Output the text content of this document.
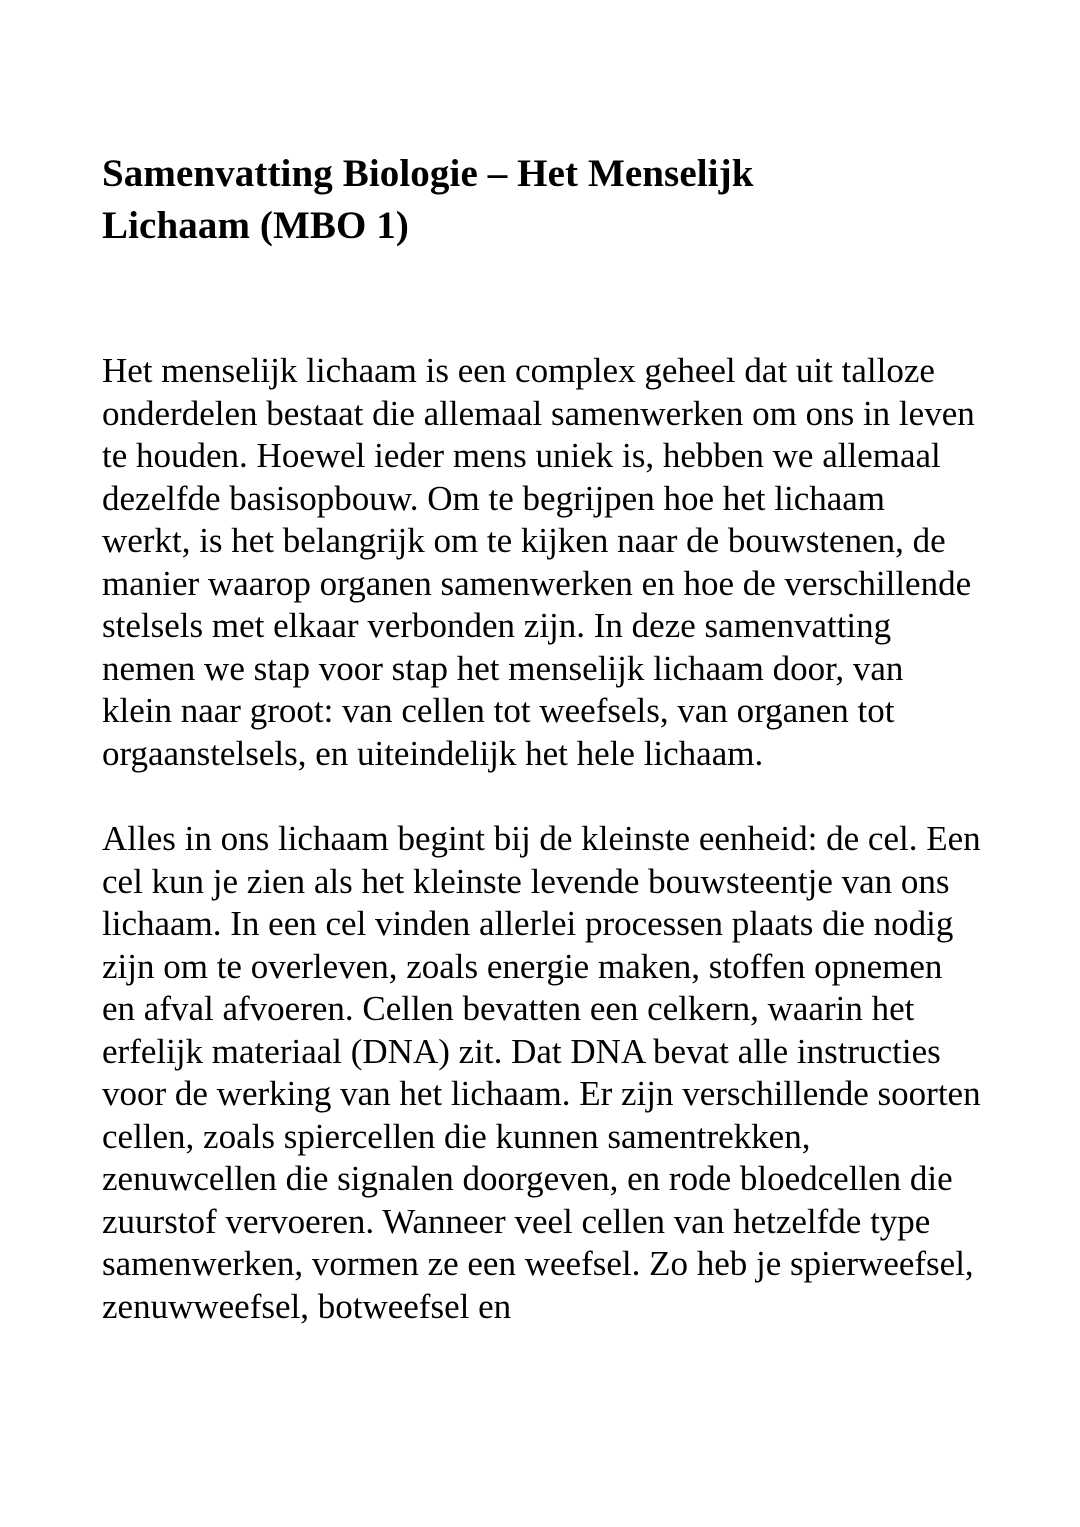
Samenvatting Biologie – Het Menselijk Lichaam (MBO 1)

Het menselijk lichaam is een complex geheel dat uit talloze onderdelen bestaat die allemaal samenwerken om ons in leven te houden. Hoewel ieder mens uniek is, hebben we allemaal dezelfde basisopbouw. Om te begrijpen hoe het lichaam werkt, is het belangrijk om te kijken naar de bouwstenen, de manier waarop organen samenwerken en hoe de verschillende stelsels met elkaar verbonden zijn. In deze samenvatting nemen we stap voor stap het menselijk lichaam door, van klein naar groot: van cellen tot weefsels, van organen tot orgaanstelsels, en uiteindelijk het hele lichaam.

Alles in ons lichaam begint bij de kleinste eenheid: de cel. Een cel kun je zien als het kleinste levende bouwsteentje van ons lichaam. In een cel vinden allerlei processen plaats die nodig zijn om te overleven, zoals energie maken, stoffen opnemen en afval afvoeren. Cellen bevatten een celkern, waarin het erfelijk materiaal (DNA) zit. Dat DNA bevat alle instructies voor de werking van het lichaam. Er zijn verschillende soorten cellen, zoals spiercellen die kunnen samentrekken, zenuwcellen die signalen doorgeven, en rode bloedcellen die zuurstof vervoeren. Wanneer veel cellen van hetzelfde type samenwerken, vormen ze een weefsel. Zo heb je spierweefsel, zenuwweefsel, botweefsel en
